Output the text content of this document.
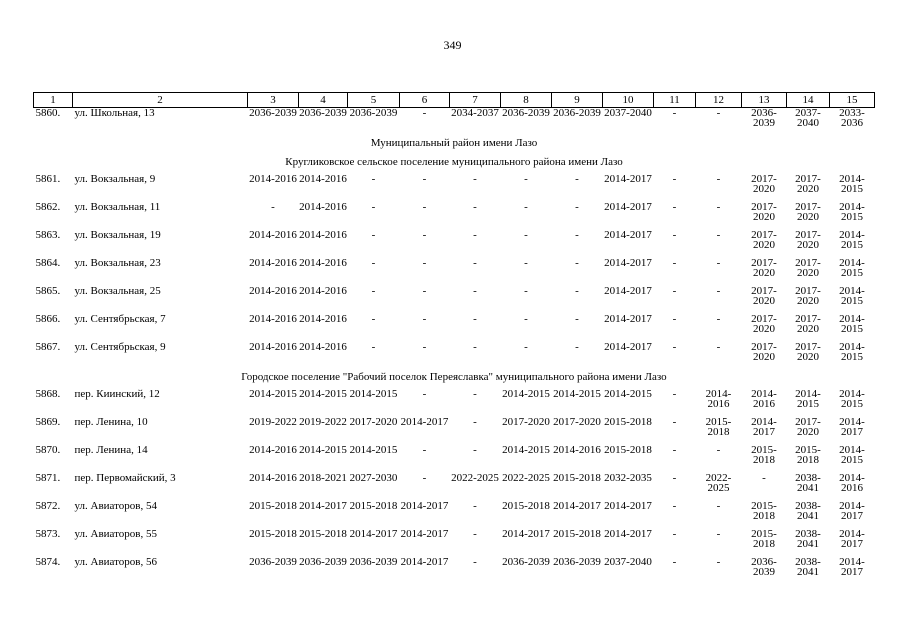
349
1	2	3	4	5	6	7	8	9	10	11	12	13	14	15
5860.	ул. Школьная, 13	2036-2039	2036-2039	2036-2039	-	2034-2037	2036-2039	2036-2039	2037-2040	-	-	2036-2039	2037-2040	2033-2036
Муниципальный район имени Лазо														
Кругликовское сельское поселение муниципального района имени Лазо														
5861.	ул. Вокзальная, 9	2014-2016	2014-2016	-	-	-	-	-	2014-2017	-	-	2017-2020	2017-2020	2014-2015
5862.	ул. Вокзальная, 11	-	2014-2016	-	-	-	-	-	2014-2017	-	-	2017-2020	2017-2020	2014-2015
5863.	ул. Вокзальная, 19	2014-2016	2014-2016	-	-	-	-	-	2014-2017	-	-	2017-2020	2017-2020	2014-2015
5864.	ул. Вокзальная, 23	2014-2016	2014-2016	-	-	-	-	-	2014-2017	-	-	2017-2020	2017-2020	2014-2015
5865.	ул. Вокзальная, 25	2014-2016	2014-2016	-	-	-	-	-	2014-2017	-	-	2017-2020	2017-2020	2014-2015
5866.	ул. Сентябрьская, 7	2014-2016	2014-2016	-	-	-	-	-	2014-2017	-	-	2017-2020	2017-2020	2014-2015
5867.	ул. Сентябрьская, 9	2014-2016	2014-2016	-	-	-	-	-	2014-2017	-	-	2017-2020	2017-2020	2014-2015
Городское поселение "Рабочий поселок Переяславка" муниципального района имени Лазо														
5868.	пер. Киинский, 12	2014-2015	2014-2015	2014-2015	-	-	2014-2015	2014-2015	2014-2015	-	2014-2016	2014-2016	2014-2015	2014-2015
5869.	пер. Ленина, 10	2019-2022	2019-2022	2017-2020	2014-2017	-	2017-2020	2017-2020	2015-2018	-	2015-2018	2014-2017	2017-2020	2014-2017
5870.	пер. Ленина, 14	2014-2016	2014-2015	2014-2015	-	-	2014-2015	2014-2016	2015-2018	-	-	2015-2018	2015-2018	2014-2015
5871.	пер. Первомайский, 3	2014-2016	2018-2021	2027-2030	-	2022-2025	2022-2025	2015-2018	2032-2035	-	2022-2025	-	2038-2041	2014-2016
5872.	ул. Авиаторов, 54	2015-2018	2014-2017	2015-2018	2014-2017	-	2015-2018	2014-2017	2014-2017	-	-	2015-2018	2038-2041	2014-2017
5873.	ул. Авиаторов, 55	2015-2018	2015-2018	2014-2017	2014-2017	-	2014-2017	2015-2018	2014-2017	-	-	2015-2018	2038-2041	2014-2017
5874.	ул. Авиаторов, 56	2036-2039	2036-2039	2036-2039	2014-2017	-	2036-2039	2036-2039	2037-2040	-	-	2036-2039	2038-2041	2014-2017
